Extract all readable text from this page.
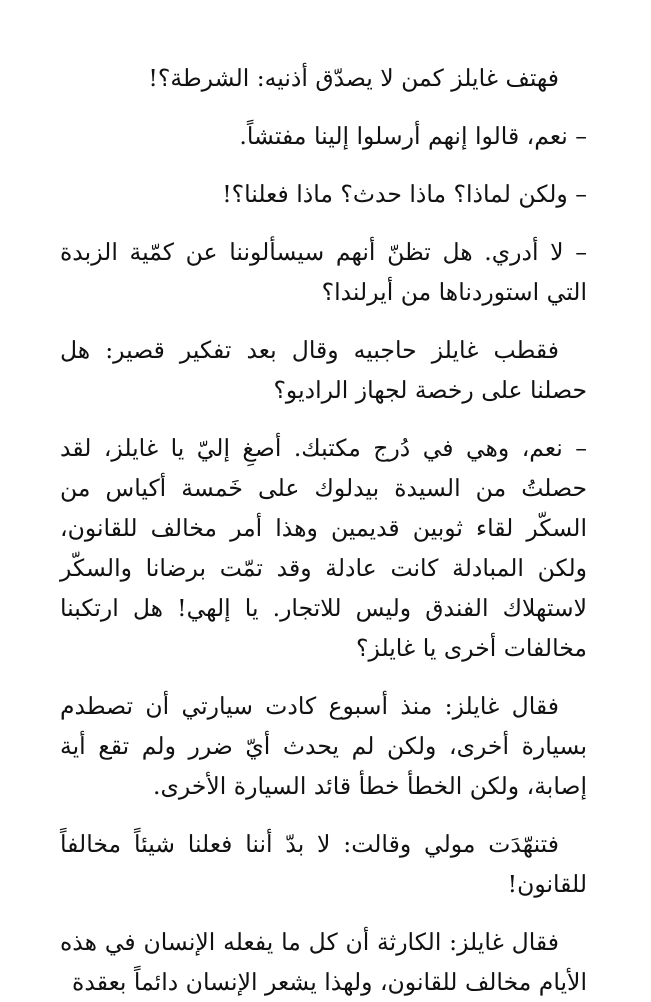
فهتف غايلز كمن لا يصدّق أذنيه: الشرطة؟!

– نعم، قالوا إنهم أرسلوا إلينا مفتشاً.

– ولكن لماذا؟ ماذا حدث؟ ماذا فعلنا؟!

– لا أدري. هل تظنّ أنهم سيسألوننا عن كمّية الزبدة التي استوردناها من أيرلندا؟

فقطب غايلز حاجبيه وقال بعد تفكير قصير: هل حصلنا على رخصة لجهاز الراديو؟

– نعم، وهي في دُرج مكتبك. أصغِ إليّ يا غايلز، لقد حصلتُ من السيدة بيدلوك على خَمسة أكياس من السكّر لقاء ثوبين قديمين وهذا أمر مخالف للقانون، ولكن المبادلة كانت عادلة وقد تمّت برضانا والسكّر لاستهلاك الفندق وليس للاتجار. يا إلهي! هل ارتكبنا مخالفات أخرى يا غايلز؟

فقال غايلز: منذ أسبوع كادت سيارتي أن تصطدم بسيارة أخرى، ولكن لم يحدث أيّ ضرر ولم تقع أية إصابة، ولكن الخطأ خطأ قائد السيارة الأخرى.

فتنهّدَت مولي وقالت: لا بدّ أننا فعلنا شيئاً مخالفاً للقانون!

فقال غايلز: الكارثة أن كل ما يفعله الإنسان في هذه الأيام مخالف للقانون، ولهذا يشعر الإنسان دائماً بعقدة
